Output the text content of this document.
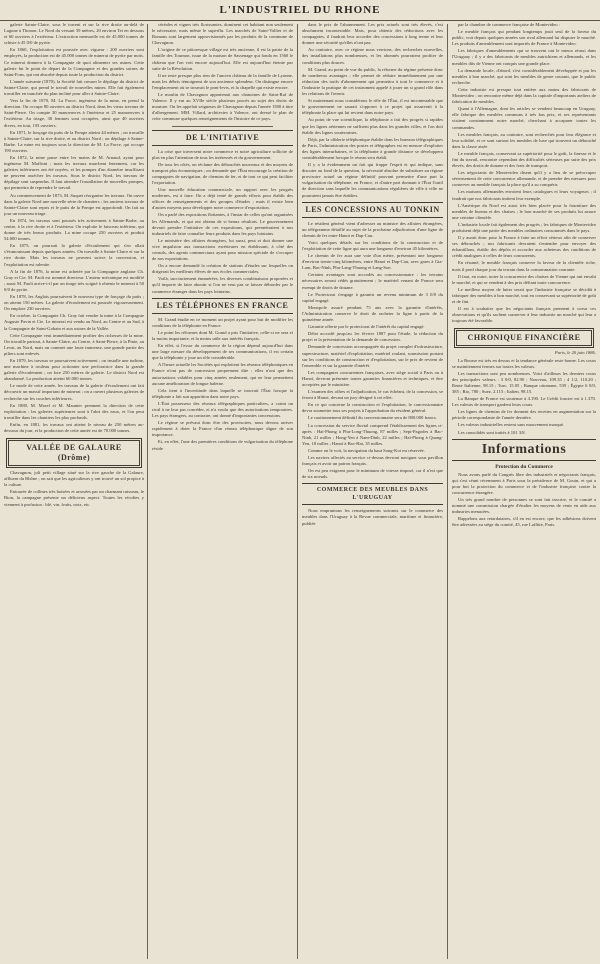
L'INDUSTRIEL DU RHONE

galerie Sainte-Claire, sous le torrent et sur la rive droite au-delà de Lagune à Thonon. Le Nord du versant 39 mètres, 20 environ Tet en dessous et 60 ouvriers à l'extérieur. L'extraction mensuelle est de 45.000 tonnes de schiste à 45 0/0 de pyrite.

En 1860, l'exploitation est poussée avec vigueur : 200 ouvriers sont employés, la production est de 45.000 tonnes de minerai de pyrite par mois. Ce minerai donnera à la Compagnie de quoi alimenter ses usines. Cette galerie fut le point de départ de la Compagnie et des grandes usines de Saint-Fons, qui ont absorbé depuis toute la production du district.

L'année suivante (1870), la Société fait creuser le dépilage du district de Sainte-Claire, qui prend le travail de nouvelles mines. Elle fait également travailler en tranchée du plan incliné pour aller à Sainte-Claire.

Vers la fin de 1870, M. La Force, ingénieur de la mine, en prend la direction. On occupe 80 ouvriers au district Nord, dans les vieux travaux de Saint-Pierre. On compte 30 manoeuvres à l'intérieur et 25 manoeuvres à l'extérieur. Au triage, 38 femmes sont occupées, ainsi que 40 ouvriers divers, en tout, 193 ouvriers.

En 1871, le fonçage du puits de la Pompe atteint 44 mètres ; on travaille à Sainte-Claire, sur la rive droite, et au district Nord ; on dépilage à Sainte-Barbe. La mine est toujours sous la direction de M. La Force, qui occupe 190 ouvriers.

En 1872, la mine passe entre les mains de M. Arnaud, ayant pour ingénieur M. Maffrini ; mais les travaux marchent lentement, car les galeries inférieures ont été noyées, et les pompes d'un diamètre insuffisant ne peuvent assécher les travaux. Sous le district Nord, les travaux de dépilage sont suspendus. Il faut attendre l'installation de nouvelles pompes, qui permettra de reprendre le travail.

Au commencement de 1873, M. Suquet réorganise les travaux. On ouvre dans la galerie Nord une nouvelle série de chantiers ; les anciens travaux de Sainte-Claire sont repris et le puits de la Pompe est approfondi. On fait au jour un nouveau triage.

En 1874, les travaux sont poussés très activement à Sainte-Barbe, au centre, à la rive droite et à l'extérieur. On exploite le faisceau inférieur, qui donne de très beaux produits. La mine occupe 250 ouvriers et produit 54.000 tonnes.

En 1875, on poursuit la galerie d'écoulement qui s'en allait s'évanouissant depuis quelques années. On travaille à Sainte-Claire et sur la rive droite. Mais les travaux ne peuvent suivre la concession, et l'exploitation est ralentie.

A la fin de 1876, la mine est achetée par la Compagnie anglaise Ch. Gray et Cie. M. Paoli est nommé directeur. L'auteur mécanique est modifié ; aussi M. Paoli arrive-t-il par un tirage très soigné à obtenir le minerai à 50 0/0 de pyrite.

En 1878, les Anglais poursuivent le nouveau type de fonçage du puits ; on atteint 150 mètres. La galerie d'écoulement est poussée vigoureusement. On emploie 230 ouvriers.

En octobre, la Compagnie Ch. Gray fait vendre la mine à la Compagnie Auguste Pavin et Cie. Le minerai est vendu au Nord, au Centre et au Sud, à la Compagnie de Saint-Gobain et aux usines de la Vallée.

Cette Compagnie veut immédiatement profiter des richesses de la mine. On travaille partout, à Sainte-Claire, au Centre, à Saint-Pierre, à la Pinte, au Levat, au Nord, mais on commet une faute immense, une grande partie des piliers sont enlevés.

En 1879, les travaux se poursuivent activement ; on installe une turbine, une machine à rouleau pour actionner une perforatrice dans la grande galerie d'écoulement ; on fore 250 mètres de galerie. Le district Nord est abandonné. La production atteint 60.000 tonnes.

Le mode de cette année, les travaux de la galerie d'écoulement ont fait découvrir un massif important de minerai ; on a ouvert plusieurs galeries de recherche sur les couches inférieures.

En 1880, M. Morel et M. Maunier prennent la direction de cette exploitation ; les galeries supérieures sont à l'abri des eaux, et l'on peut travailler dans les chantiers les plus profonds.

Enfin, en 1881, les travaux ont atteint le niveau de 250 mètres au-dessous du jour, et la production de cette année est de 70.000 tonnes.

VALLÉE DE GALAURE (Drôme)

Chavagnon, joli petit village situé sur la rive gauche de la Galaure, affluent du Rhône ; on sait que les agriculteurs y ont trouvé un sol propice à la culture.

Entourée de collines très boisées et arrosées par un charmant ruisseau, le Bion, la campagne présente un délicieux aspect. Toutes les récoltes y viennent à profusion : blé, vin, fruits, noix, etc.

céréales et vignes très florissantes, dominent cet habitant non seulement le nécessaire, mais même le superflu. Les marchés de Saint-Vallier et de Romans sont largement approvisionnés par les produits de la commune de Chavagnon.

L'origine de ce pittoresque village est très ancienne, il est la patrie de la famille des Tournon, issue de la maison de Sassenage qui fonda en 1560 le château que l'on voit encore aujourd'hui. Elle est aujourd'hui éteinte par suite de la Révolution.

Il ne reste presque plus rien de l'ancien château de la famille de Lyonne, mais les débris témoignent de son ancienne splendeur. On distingue encore l'emplacement où se trouvait le pont-levis, et la chapelle qui existe encore.

Le moulin de Chavagnon appartenait aux chanoines de Saint-Ruf de Valence. Il y eut au XVIIe siècle plusieurs procès au sujet des droits de mouture. On les appelait seigneurs de Chavagnon depuis l'année 1580 à titre d'albergement. MM. Villard, architectes à Valence, ont dressé le plan de cette commune quelques renseignements de l'histoire de ce pays.

DE L'INITIATIVE

La crise que traversent notre commerce et notre agriculture sollicite de plus en plus l'attention de tous les intéressés et du gouvernement.

De tous les côtés, on réclame des débouchés nouveaux et des moyens de transport plus économiques ; on demande que l'État encourage la création de compagnies de navigation, de chemins de fer, et de tout ce qui peut faciliter l'exportation.

Une nouvelle éducation commerciale, un rapport avec les progrès modernes, est à faire. On a déjà tenté de grands efforts pour établir des offices de renseignements et des groupes d'études ; mais il existe bien d'autres moyens pour développer notre commerce d'exportation.

On a parlé des expositions flottantes, à l'instar de celles qu'ont organisées les Allemands, et qui ont obtenu de si beaux résultats. Le gouvernement devrait prendre l'initiative de ces expositions, qui permettraient à nos industriels de faire connaître leurs produits dans les pays lointains.

Le ministère des affaires étrangères, lui aussi, peut et doit donner une vive impulsion aux transactions extérieures en établissant, à côté des consuls, des agents commerciaux ayant pour mission spéciale de s'occuper de nos exportations.

On a encore demandé la création de stations d'études sur lesquelles on dirigerait les meilleurs élèves de nos écoles commerciales.

Voilà, succinctement énumérées, les diverses combinaisons proposées et qu'il importe de faire aboutir si l'on ne veut pas se laisser déborder par le commerce étranger dans les pays lointains.

LES TÉLÉPHONES EN FRANCE

M. Grand étudie en ce moment un projet ayant pour but de modifier les conditions de la téléphonie en France.

Le point les réformes dont M. Grand a pris l'initiative, celle-ci ne sera et la moins importante, et la moins utile aux intérêts français.

En effet, si l'essor du commerce de la région dépend aujourd'hui dans une large mesure du développement de ses communications, il est certain que la téléphonie y joue un rôle considérable.

A l'heure actuelle les Sociétés qui exploitent les réseaux téléphoniques en France n'ont pas de concession proprement dite ; elles n'ont que des autorisations valables pour cinq années seulement, qui ne leur permettent aucune amélioration de longue haleine.

Cela tient à l'incertitude dans laquelle se trouvait l'État lorsque la téléphonie a fait son apparition dans notre pays.

L'État possesseur des réseaux télégraphiques particuliers, a craint un rival à ne leur pas concéder, et n'a voulu que des autorisations temporaires. Les pays étrangers, au contraire, ont donné d'importantes concessions.

Le régime se prévaut donc être des provisoires, nous devons arriver rapidement à doter la France d'un réseau téléphonique digne de son importance.

Et, en effet, l'une des premières conditions de vulgarisation du téléphone réside

dans le prix de l'abonnement. Les prix actuels sont très élevés, c'est absolument incontestable. Mais, pour obtenir des réductions avec les compagnies, il faudrait leur accorder des concessions à long terme et leur donner une sécurité qu'elles n'ont pas.

Au contraire, avec ce régime nous verrions, des recherches nouvelles, des installations plus nombreuses, et les abonnés pourraient profiter de conditions plus douces.

M. Grand, au point de vue du public, la réforme du régime présente donc de nombreux avantages ; elle permet de réduire immédiatement par une réduction des tarifs d'abonnement qui permettra à tout le commerce et à l'industrie la pratique de cet instrument appelé à jouer un si grand rôle dans les relations de l'avenir.

Si maintenant nous considérons le rôle de l'État, il est incontestable que le gouvernement ne saurait s'opposer à ce projet qui assurerait à la téléphonie la place qui lui revient dans notre pays.

Au point de vue scientifique, la téléphonie a fait des progrès si rapides que les lignes aériennes ne suffisent plus dans les grandes villes, et l'on doit établir des lignes souterraines.

Déjà, par la câblerie téléphonique établie dans les bureaux télégraphiques de Paris, l'administration des postes et télégraphes est en mesure d'exploiter des lignes interurbaines, et la téléphonie à grande distance se développera considérablement lorsque le réseau sera établi.

Il y a la évidemment un fait qui frappe l'esprit et qui indique, sans discuter au fond de la question, la nécessité absolue de substituer au régime provisoire actuel un régime définitif pouvant permettre d'une part la vulgarisation du téléphone, en France, et d'autre part donnant à l'État l'outil de direction sans laquelle les communications régulières de ville à ville ne pourraient jamais être établies.

LES CONCESSIONS AU TONKIN

Le résident général vient d'adresser au ministre des affaires étrangères, un télégramme détaillé au sujet de la prochaine adjudication d'une ligne de chemin de fer entre Hanoï et Dap-Cau.

Voici quelques détails sur les conditions de la construction et de l'exploitation de cette ligne qui aura une longueur d'environ 45 kilomètres.

Le chemin de fer aura une voie d'un mètre, présentant une longueur d'environ trente-cinq kilomètres, entre Hanoï et Dap-Cau, avec gares à Gia-Lam, Bac-Ninh, Phu-Lang-Thuong et Lang-Son.

Certains avantages sont accordés au concessionnaire : les terrains nécessaires seront cédés gratuitement ; le matériel venant de France sera exempt de droits de douane.

Le Protectorat s'engage à garantir un revenu minimum de 3 0/0 du capital engagé.

Monopole assuré pendant 75 ans avec la garantie d'intérêts, l'Administration conserve le droit de racheter la ligne à partir de la quinzième année.

Garantie offerte par le protectorat de l'intérêt du capital engagé.

Délai accordé jusqu'au 1er février 1887 pour l'étude, la rédaction du projet et la présentation de la demande de concession.

Demande de concession accompagnée du projet complet d'infrastructure, superstructure, matériel d'exploitation, matériel roulant, soumission portant sur les conditions de construction et d'exploitation, sur le prix de revient de l'ensemble et sur la garantie d'intérêt.

Les compagnies concurrentes françaises, avec siège social à Paris ou à Hanoï, devront présenter toutes garanties financières et techniques, et être acceptées par le ministère.

L'examen des offres et l'adjudication, le cas échéant, de la concession, se feront à Hanoï, devant un jury désigné à cet effet.

En ce qui concerne la construction et l'exploitation, le concessionnaire devra soumettre tous ses projets à l'approbation du résident général.

Le cautionnement définitif du concessionnaire sera de 800.000 francs.

La concession du service fluvial comprend l'établissement des lignes ci-après : Haï-Phong à Phu-Long-Thuong, 87 milles ; Sept-Pagodes à Bac-Ninh, 21 milles ; Hong-Yen à Nam-Dinh, 22 milles ; Haï-Phong à Quang-Yen, 18 milles ; Hanoï à Bac-Hat, 35 milles.

Comme on le voit, la navigation du haut Song-Koi est réservée.

Les navires affectés au service ci-dessus devront naviguer sous pavillon français et avoir un patron français.

On est peu exigeant pour le minimum de vitesse imposé, car il n'est que de six noeuds.

COMMERCE DES MEUBLES DANS L'URUGUAY

Nous empruntons les renseignements suivants sur le commerce des meubles dans l'Uruguay à la Revue commerciale, maritime et financière, publiée

par la chambre de commerce française de Montevideo :

Le meuble français qui pendant longtemps jouit seul de la faveur du public, voit depuis quelques années son rival allemand lui disputer le marché. Les produits d'ameublement sont importés de France à Montevideo.

Les fabriques d'ameublements qui se trouvent ont le mieux réussi dans l'Uruguay ; il y a des fabricants de meubles autrichiens et allemands, et les meubles dits de Vienne ont conquis une grande place.

La demande locale, d'abord, s'est considérablement développée et par les meubles à bon marché, qui sont les meubles de genre courant, que le public recherche.

Cette industrie est presque tout entière aux mains des fabricants de Montevideo ; on rencontre même déjà dans la capitale d'importants ateliers de fabrication de meubles.

Quant à l'Allemagne, dont les articles se vendent beaucoup en Uruguay, elle fabrique des meubles communs à très bas prix, et ses représentants visitent constamment notre marché, cherchant à accaparer toutes les commandes.

Les meubles français, au contraire, sont recherchés pour leur élégance et leur solidité, et ce sont surtout les meubles de luxe qui trouvent un débouché dans la classe aisée.

Le meuble français, conservant sa supériorité pour le goût, la finesse et le fini du travail, rencontre cependant des difficultés sérieuses par suite des prix élevés, des droits de douane et des frais de transport.

Les négociants de Montevideo disent qu'il y a lieu de se préoccuper sérieusement de cette concurrence allemande, et de prendre des mesures pour conserver au meuble français la place qu'il a su conquérir.

Les maisons allemandes envoient leurs catalogues et leurs voyageurs ; il faudrait que nos fabricants imitent leur exemple.

L'Amérique du Nord est aussi très bien placée pour la fourniture des meubles de bureau et des chaises ; le bon marché de ses produits lui assure une certaine clientèle.

L'industrie locale fait également des progrès ; les fabriques de Montevideo produisent déjà une partie des meubles ordinaires consommés dans le pays.

Il y aurait donc pour la France à faire un effort sérieux afin de conserver ses débouchés ; nos fabricants devraient s'entendre pour envoyer des échantillons, établir des dépôts et accorder aux acheteurs des conditions de crédit analogues à celles de leurs concurrents.

En résumé, le meuble français conserve la faveur de la clientèle riche, mais il perd chaque jour du terrain dans la consommation courante.

Il faut, en outre, noter la concurrence des chaises de Vienne qui ont envahi le marché, et qui se vendent à des prix défiant toute concurrence.

Le meilleur moyen de lutter serait que l'industrie française se décidât à fabriquer des meubles à bon marché, tout en conservant sa supériorité de goût et de fini.

Il est à souhaiter que les négociants français prennent à coeur ces observations et qu'ils sachent conserver à leur industrie un marché qui leur a toujours été favorable.

CHRONIQUE FINANCIÈRE
Paris, le 20 juin 1886.

La Bourse est très en dessus et la tendance générale reste bonne. Les cours se maintiennent fermes sur toutes les valeurs.

Les transactions sont peu nombreuses. Voici d'ailleurs les derniers cours des principales valeurs : 3 0/0, 82.90 ; Nouveau, 109.35 ; 4 1/2, 110.20 ; Rente Italienne, 98.15 ; Turc, 15.05 ; Banque ottomane, 539 ; Égypte 6 0/0, 385 ; Rio, 780 ; Suez, 2.115 ; Italien, 98.15.

La Banque de France est soutenue à 4.190. Le Crédit foncier est à 1.370. Les valeurs de transport gardent leurs cours.

Les lignes de chemins de fer donnent des recettes en augmentation sur la période correspondante de l'année dernière.

Les valeurs industrielles restent sans mouvement marqué.

Les consolidés sont traités à 101 3/8.

Informations
Protection du Commerce

Nous avons parlé du Congrès libre des industriels et négociants français, qui s'est réuni récemment à Paris sous la présidence de M. Gouin, et qui a pour but la protection du commerce et de l'industrie française contre la concurrence étrangère.

Un très grand nombre de personnes se sont fait inscrire, et le comité a nommé une commission chargée d'étudier les moyens de venir en aide aux industries menacées.

Rappelons aux retardataires, s'il en est encore, que les adhésions doivent être adressées au siège du comité, 45, rue Laffitte, Paris.
